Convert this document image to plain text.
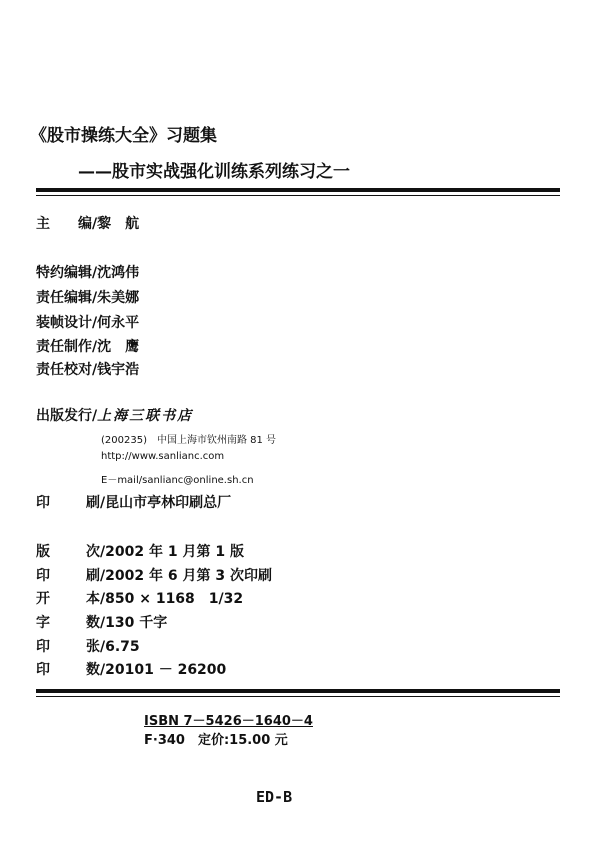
《股市操练大全》习题集
——股市实战强化训练系列练习之一
主　　编/黎　航
特约编辑/沈鸿伟
责任编辑/朱美娜
装帧设计/何永平
责任制作/沈　鹰
责任校对/钱宇浩
出版发行/上海三联书店
(200235)　中国上海市钦州南路 81 号
http://www.sanlianc.com
E－mail/sanlianc@online.sh.cn
印	刷/昆山市亭林印刷总厂
版	次/2002 年 1 月第 1 版
印	刷/2002 年 6 月第 3 次印刷
开	本/850 × 1168　1/32
字	数/130 千字
印	张/6.75
印	数/20101 － 26200
ISBN 7－5426－1640－4
F·340　定价:15.00 元
ED-B
